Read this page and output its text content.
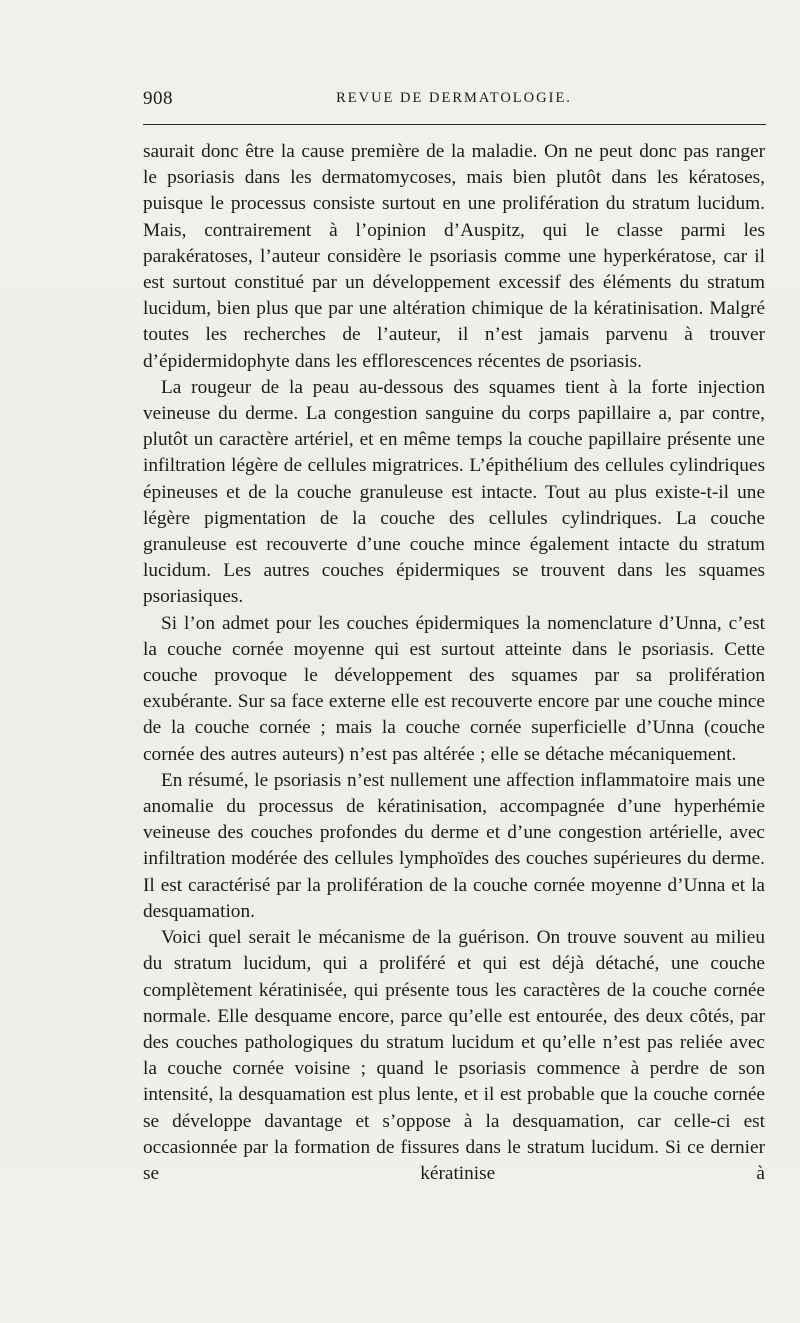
908	REVUE DE DERMATOLOGIE.

saurait donc être la cause première de la maladie. On ne peut donc pas ranger le psoriasis dans les dermatomycoses, mais bien plutôt dans les kératoses, puisque le processus consiste surtout en une prolifération du stratum lucidum. Mais, contrairement à l’opinion d’Auspitz, qui le classe parmi les parakératoses, l’auteur considère le psoriasis comme une hyperkératose, car il est surtout constitué par un développement excessif des éléments du stratum lucidum, bien plus que par une altération chimique de la kératinisation. Malgré toutes les recherches de l’auteur, il n’est jamais parvenu à trouver d’épidermidophyte dans les efflorescences récentes de psoriasis.

La rougeur de la peau au-dessous des squames tient à la forte injection veineuse du derme. La congestion sanguine du corps papillaire a, par contre, plutôt un caractère artériel, et en même temps la couche papillaire présente une infiltration légère de cellules migratrices. L’épithélium des cellules cylindriques épineuses et de la couche granuleuse est intacte. Tout au plus existe-t-il une légère pigmentation de la couche des cellules cylindriques. La couche granuleuse est recouverte d’une couche mince également intacte du stratum lucidum. Les autres couches épidermiques se trouvent dans les squames psoriasiques.

Si l’on admet pour les couches épidermiques la nomenclature d’Unna, c’est la couche cornée moyenne qui est surtout atteinte dans le psoriasis. Cette couche provoque le développement des squames par sa prolifération exubérante. Sur sa face externe elle est recouverte encore par une couche mince de la couche cornée ; mais la couche cornée superficielle d’Unna (couche cornée des autres auteurs) n’est pas altérée ; elle se détache mécaniquement.

En résumé, le psoriasis n’est nullement une affection inflammatoire mais une anomalie du processus de kératinisation, accompagnée d’une hyperhémie veineuse des couches profondes du derme et d’une congestion artérielle, avec infiltration modérée des cellules lymphoïdes des couches supérieures du derme. Il est caractérisé par la prolifération de la couche cornée moyenne d’Unna et la desquamation.

Voici quel serait le mécanisme de la guérison. On trouve souvent au milieu du stratum lucidum, qui a proliféré et qui est déjà détaché, une couche complètement kératinisée, qui présente tous les caractères de la couche cornée normale. Elle desquame encore, parce qu’elle est entourée, des deux côtés, par des couches pathologiques du stratum lucidum et qu’elle n’est pas reliée avec la couche cornée voisine ; quand le psoriasis commence à perdre de son intensité, la desquamation est plus lente, et il est probable que la couche cornée se développe davantage et s’oppose à la desquamation, car celle-ci est occasionnée par la formation de fissures dans le stratum lucidum. Si ce dernier se kératinise à
